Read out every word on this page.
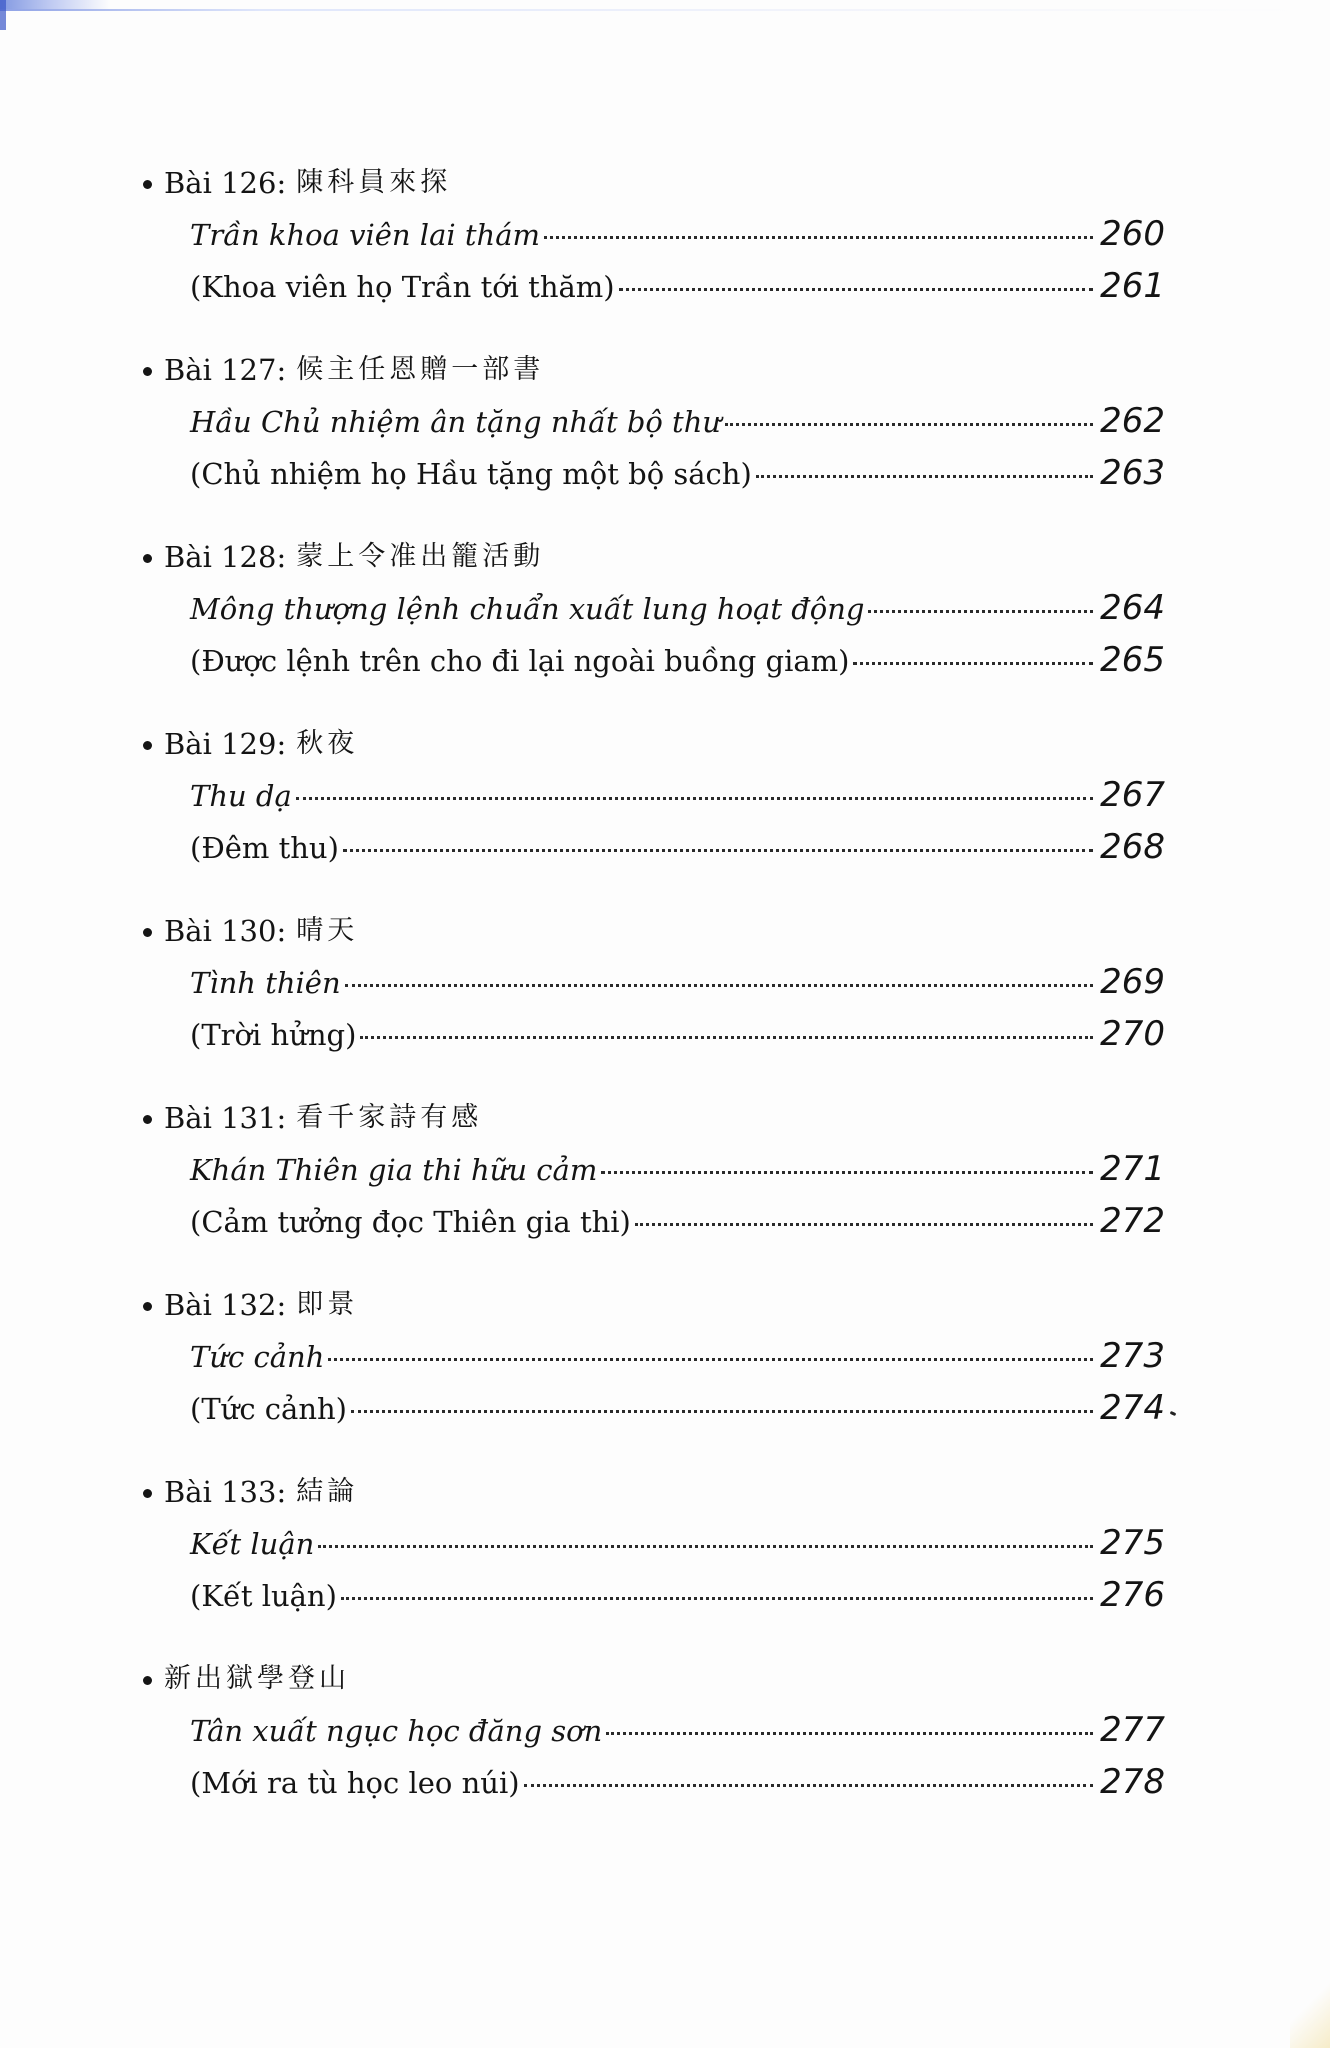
Bài 126: 陳科員來探
Trần khoa viên lai thám	260
(Khoa viên họ Trần tới thăm)	261
Bài 127: 候主任恩贈一部書
Hầu Chủ nhiệm ân tặng nhất bộ thư	262
(Chủ nhiệm họ Hầu tặng một bộ sách)	263
Bài 128: 蒙上令准出籠活動
Mông thượng lệnh chuẩn xuất lung hoạt động	264
(Được lệnh trên cho đi lại ngoài buồng giam)	265
Bài 129: 秋夜
Thu dạ	267
(Đêm thu)	268
Bài 130: 晴天
Tình thiên	269
(Trời hửng)	270
Bài 131: 看千家詩有感
Khán Thiên gia thi hữu cảm	271
(Cảm tưởng đọc Thiên gia thi)	272
Bài 132: 即景
Tức cảnh	273
(Tức cảnh)	274
Bài 133: 結論
Kết luận	275
(Kết luận)	276
新出獄學登山
Tân xuất ngục học đăng sơn	277
(Mới ra tù học leo núi)	278
